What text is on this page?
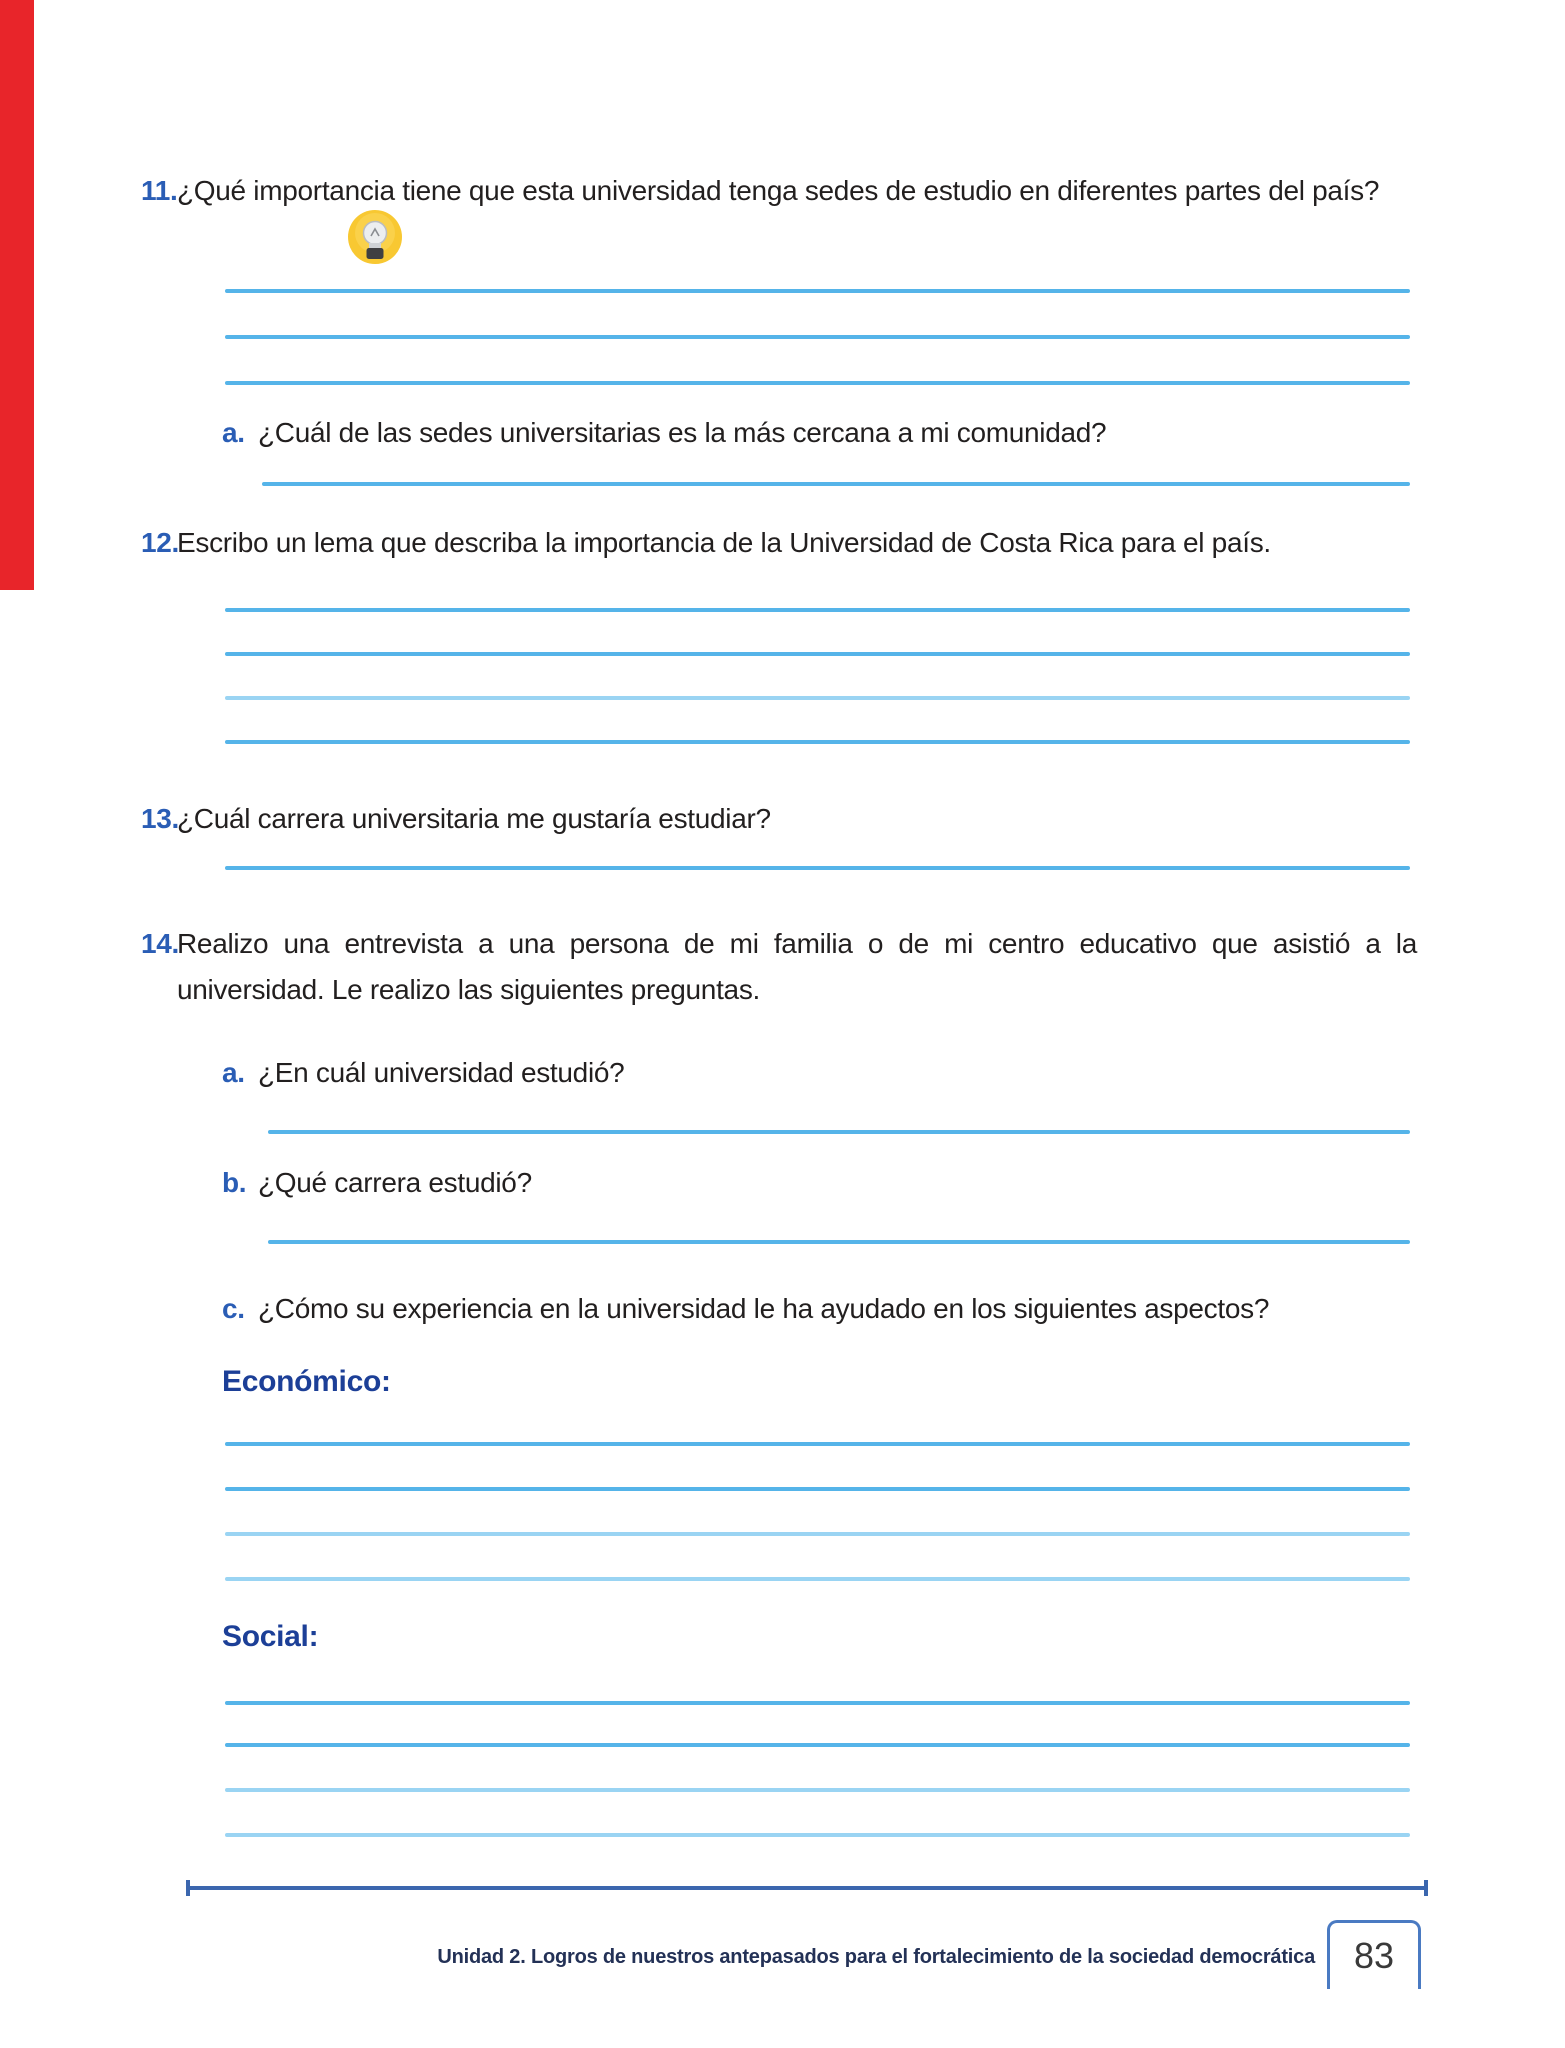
11. ¿Qué importancia tiene que esta universidad tenga sedes de estudio en diferentes partes del país?
a. ¿Cuál de las sedes universitarias es la más cercana a mi comunidad?
12.
Escribo un lema que describa la importancia de la Universidad de Costa Rica para el país.
13.
¿Cuál carrera universitaria me gustaría estudiar?
14.
Realizo una entrevista a una persona de mi familia o de mi centro educativo que asistió a la universidad. Le realizo las siguientes preguntas.
a. ¿En cuál universidad estudió?
b. ¿Qué carrera estudió?
c. ¿Cómo su experiencia en la universidad le ha ayudado en los siguientes aspectos?
Económico:
Social:
Unidad 2. Logros de nuestros antepasados para el fortalecimiento de la sociedad democrática 83
